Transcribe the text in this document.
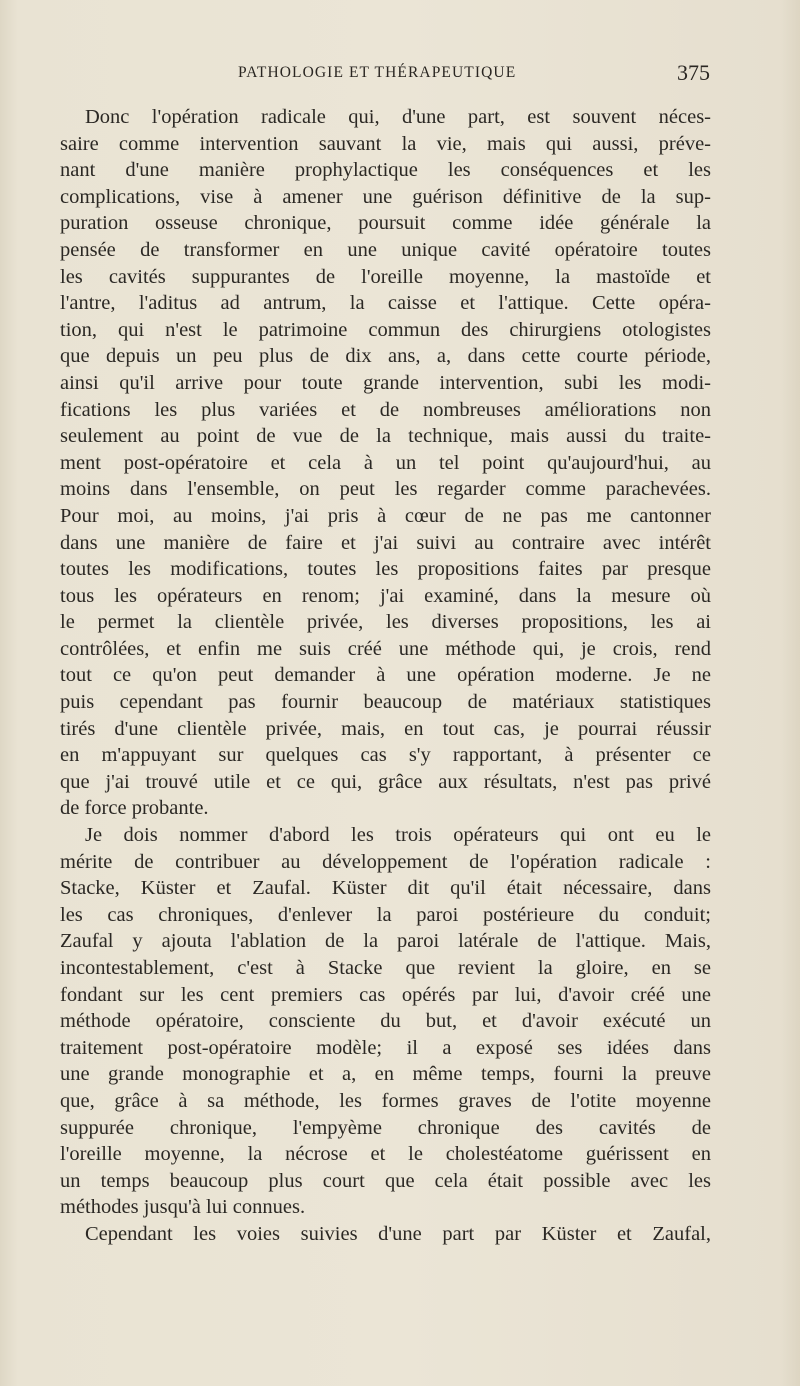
PATHOLOGIE ET THÉRAPEUTIQUE	375
Donc l'opération radicale qui, d'une part, est souvent néces-
saire comme intervention sauvant la vie, mais qui aussi, préve-
nant d'une manière prophylactique les conséquences et les
complications, vise à amener une guérison définitive de la sup-
puration osseuse chronique, poursuit comme idée générale la
pensée de transformer en une unique cavité opératoire toutes
les cavités suppurantes de l'oreille moyenne, la mastoïde et
l'antre, l'aditus ad antrum, la caisse et l'attique. Cette opéra-
tion, qui n'est le patrimoine commun des chirurgiens otologistes
que depuis un peu plus de dix ans, a, dans cette courte période,
ainsi qu'il arrive pour toute grande intervention, subi les modi-
fications les plus variées et de nombreuses améliorations non
seulement au point de vue de la technique, mais aussi du traite-
ment post-opératoire et cela à un tel point qu'aujourd'hui, au
moins dans l'ensemble, on peut les regarder comme parachevées.
Pour moi, au moins, j'ai pris à cœur de ne pas me cantonner
dans une manière de faire et j'ai suivi au contraire avec intérêt
toutes les modifications, toutes les propositions faites par presque
tous les opérateurs en renom; j'ai examiné, dans la mesure où
le permet la clientèle privée, les diverses propositions, les ai
contrôlées, et enfin me suis créé une méthode qui, je crois, rend
tout ce qu'on peut demander à une opération moderne. Je ne
puis cependant pas fournir beaucoup de matériaux statistiques
tirés d'une clientèle privée, mais, en tout cas, je pourrai réussir
en m'appuyant sur quelques cas s'y rapportant, à présenter ce
que j'ai trouvé utile et ce qui, grâce aux résultats, n'est pas privé
de force probante.
Je dois nommer d'abord les trois opérateurs qui ont eu le
mérite de contribuer au développement de l'opération radicale :
Stacke, Küster et Zaufal. Küster dit qu'il était nécessaire, dans
les cas chroniques, d'enlever la paroi postérieure du conduit;
Zaufal y ajouta l'ablation de la paroi latérale de l'attique. Mais,
incontestablement, c'est à Stacke que revient la gloire, en se
fondant sur les cent premiers cas opérés par lui, d'avoir créé une
méthode opératoire, consciente du but, et d'avoir exécuté un
traitement post-opératoire modèle; il a exposé ses idées dans
une grande monographie et a, en même temps, fourni la preuve
que, grâce à sa méthode, les formes graves de l'otite moyenne
suppurée chronique, l'empyème chronique des cavités de
l'oreille moyenne, la nécrose et le cholestéatome guérissent en
un temps beaucoup plus court que cela était possible avec les
méthodes jusqu'à lui connues.
Cependant les voies suivies d'une part par Küster et Zaufal,
